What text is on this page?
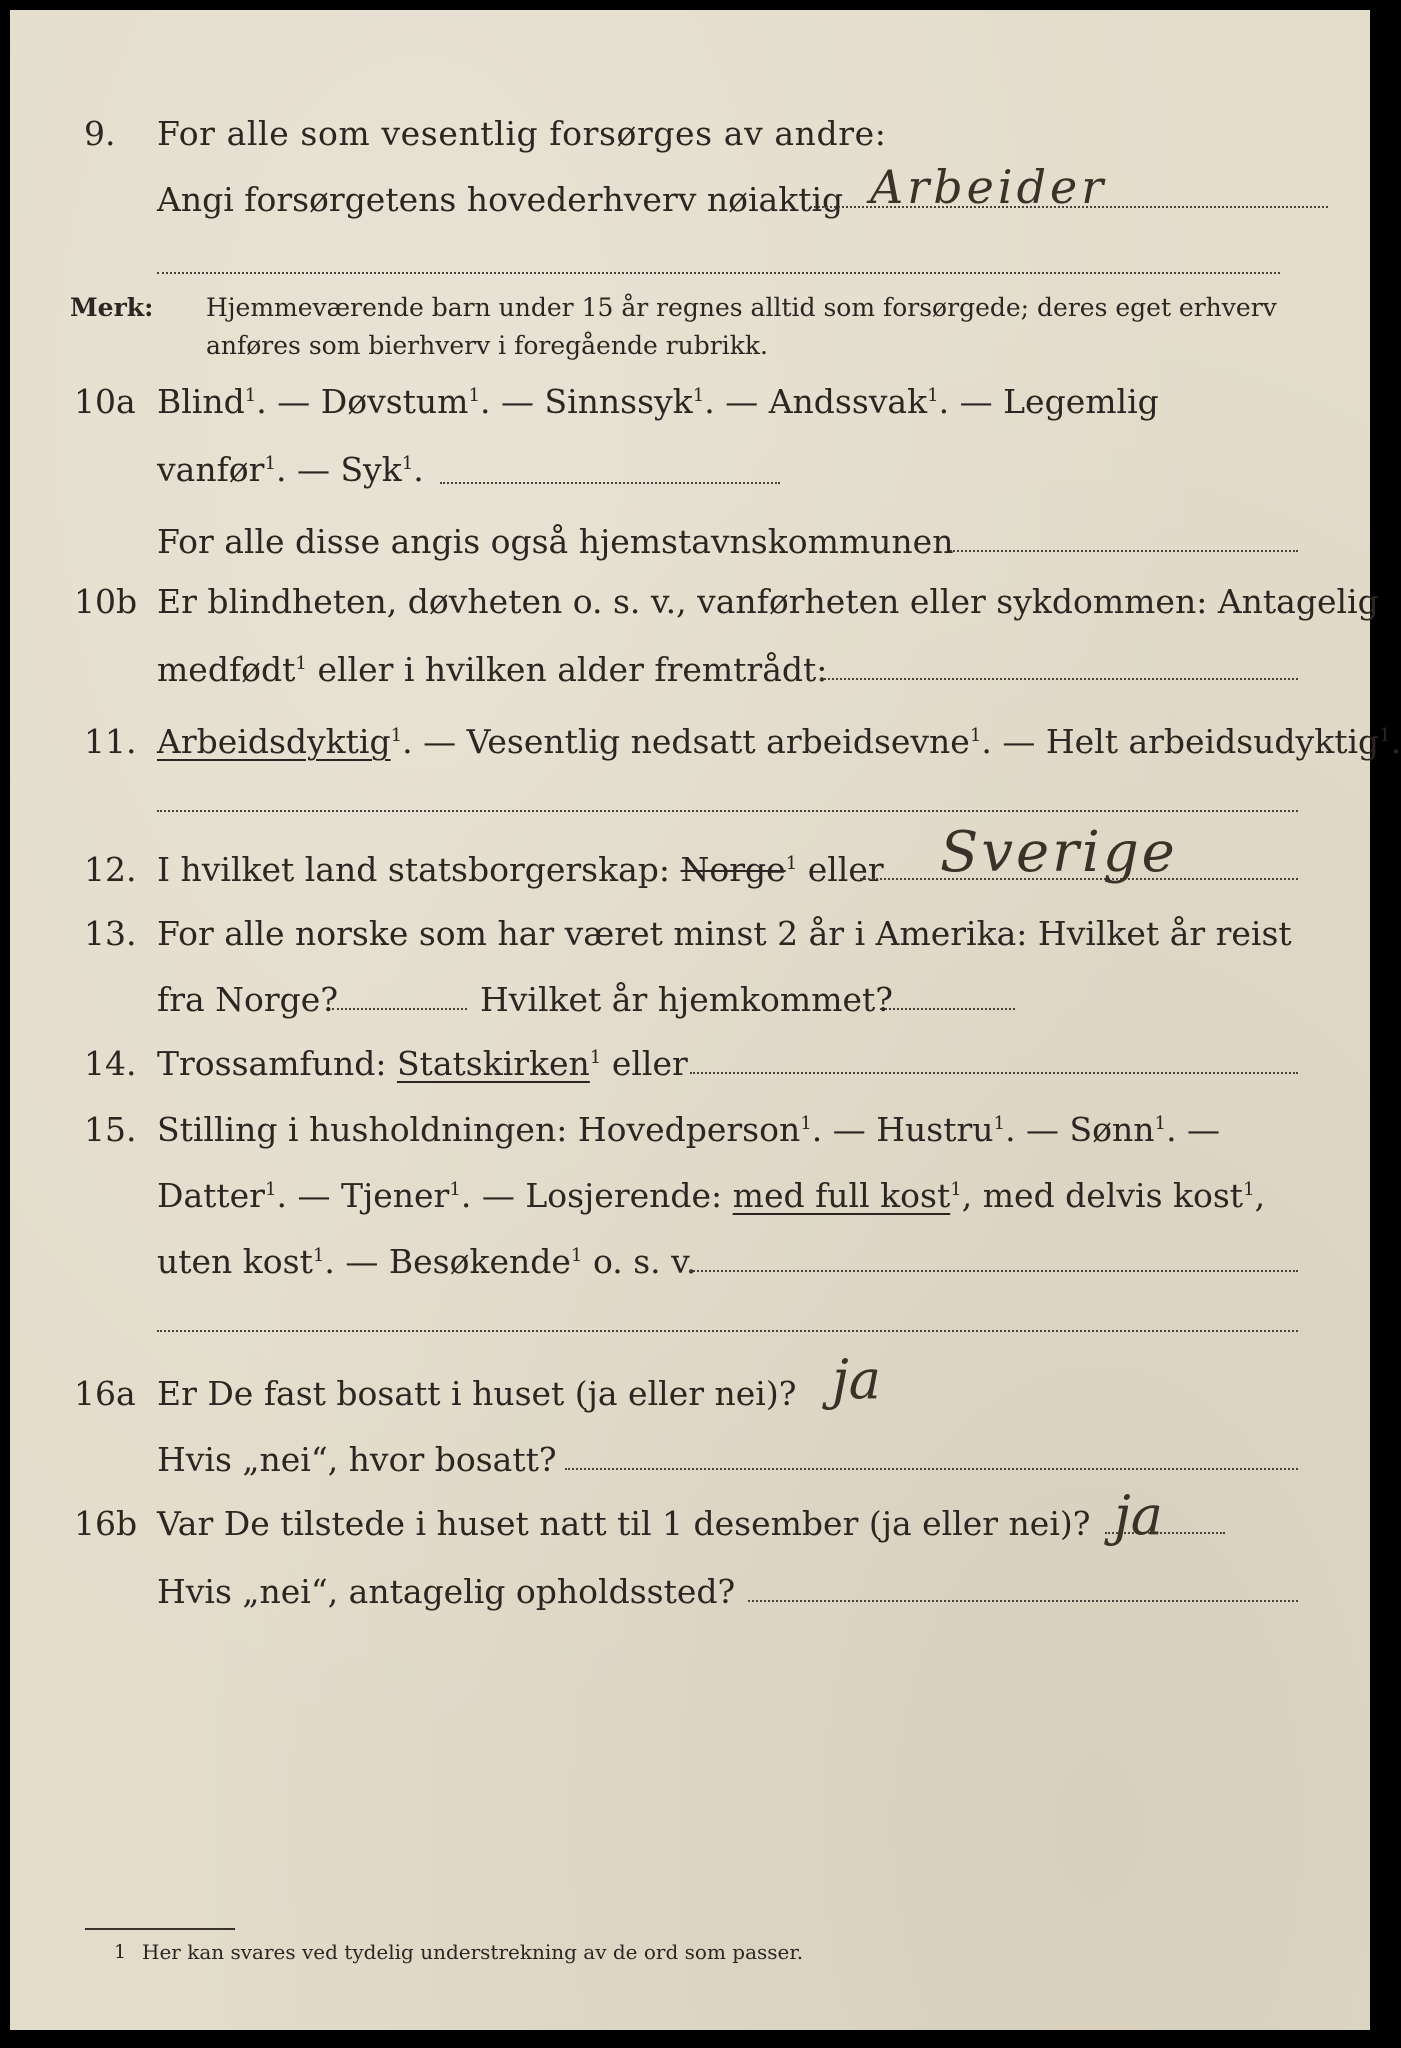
9. For alle som vesentlig forsørges av andre:
Angi forsørgetens hovederhverv nøiaktig Arbeider
Merk: Hjemmeværende barn under 15 år regnes alltid som forsørgede; deres eget erhverv
anføres som bierhverv i foregående rubrikk.
10a Blind$^1$. — Døvstum$^1$. — Sinnssyk$^1$. — Andssvak$^1$. — Legemlig
vanfør$^1$. — Syk$^1$.
For alle disse angis også hjemstavnskommunen
10b Er blindheten, døvheten o. s. v., vanførheten eller sykdommen: Antagelig
medfødt$^1$ eller i hvilken alder fremtrådt:
11. Arbeidsdyktig$^1$. — Vesentlig nedsatt arbeidsevne$^1$. — Helt arbeidsudyktig$^1$.
12. I hvilket land statsborgerskap: Norge$^1$ eller Sverige
13. For alle norske som har været minst 2 år i Amerika: Hvilket år reist
fra Norge?	Hvilket år hjemkommet?
14. Trossamfund: Statskirken$^1$ eller
15. Stilling i husholdningen: Hovedperson$^1$. — Hustru$^1$. — Sønn$^1$. —
Datter$^1$. — Tjener$^1$. — Losjerende: med full kost$^1$, med delvis kost$^1$,
uten kost$^1$. — Besøkende$^1$ o. s. v.
16a Er De fast bosatt i huset (ja eller nei)? ja
Hvis „nei“, hvor bosatt?
16b Var De tilstede i huset natt til 1 desember (ja eller nei)? ja
Hvis „nei“, antagelig opholdssted?
1 Her kan svares ved tydelig understrekning av de ord som passer.
